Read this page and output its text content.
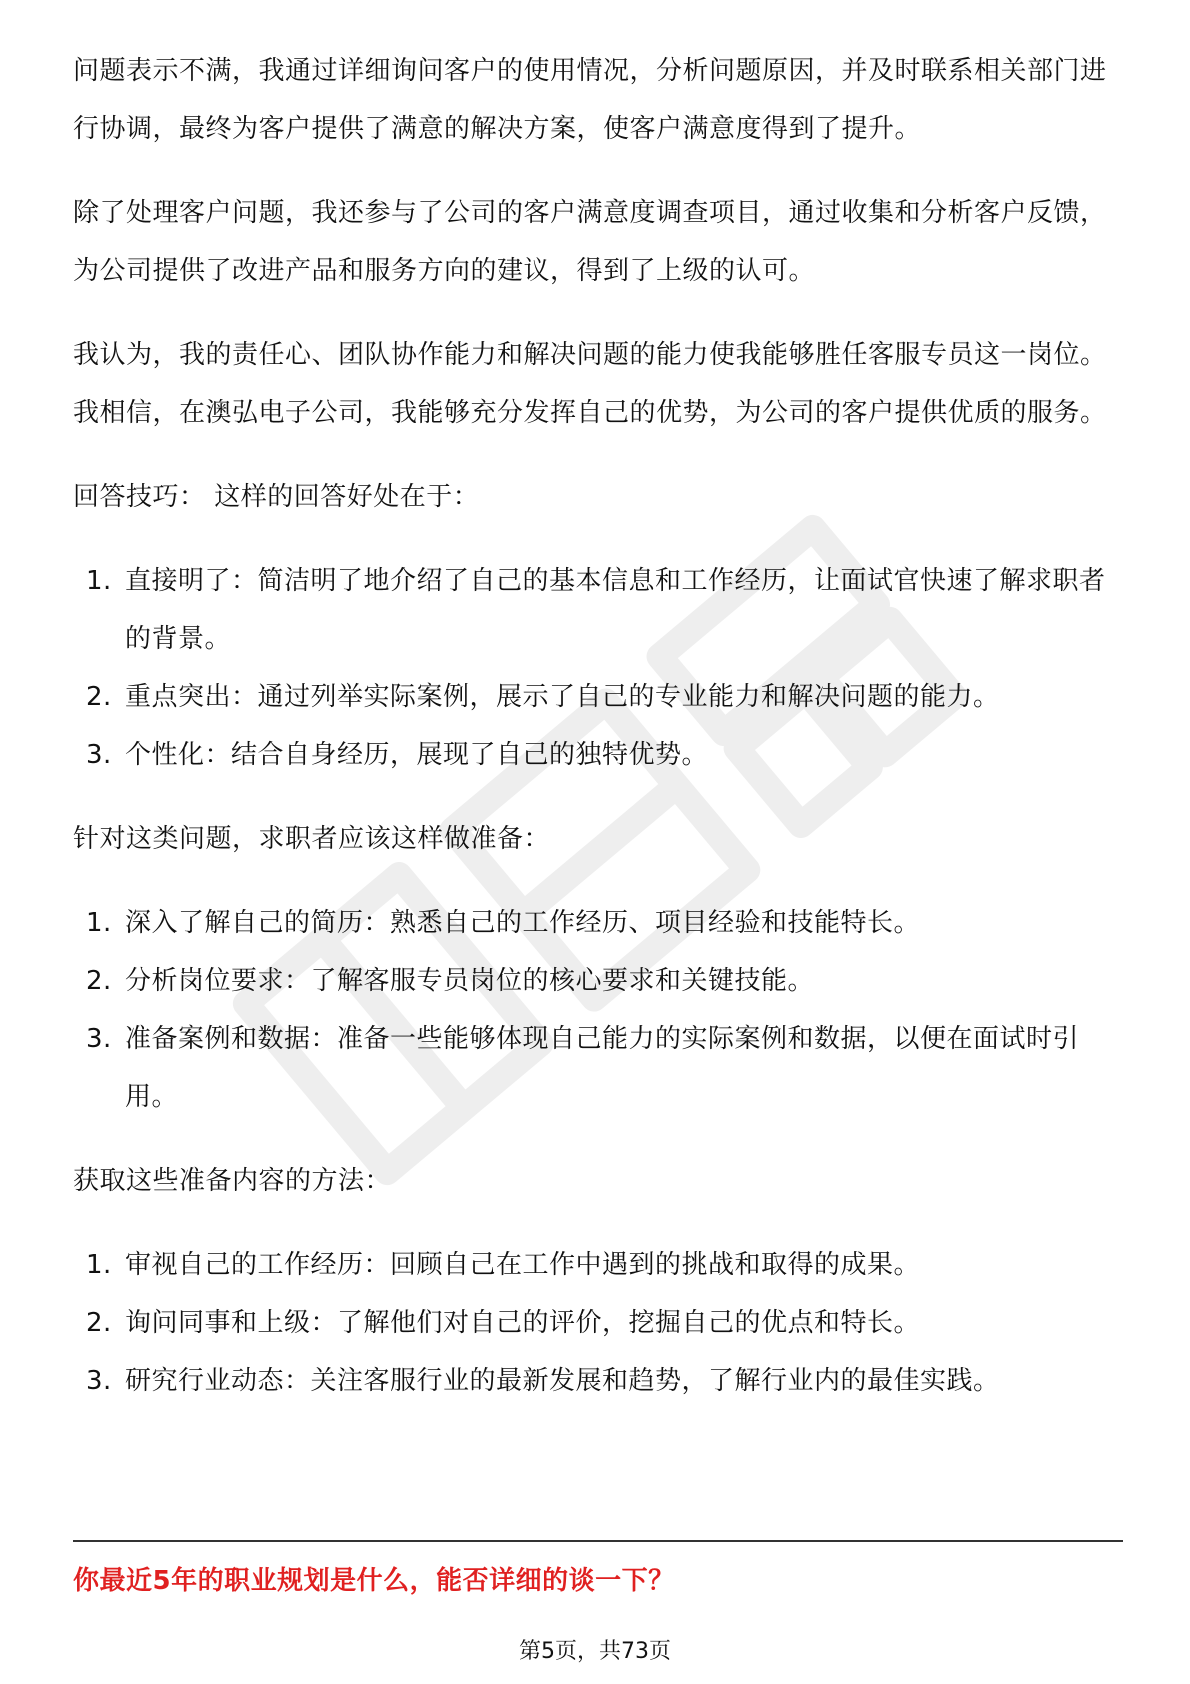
问题表示不满，我通过详细询问客户的使用情况，分析问题原因，并及时联系相关部门进行协调，最终为客户提供了满意的解决方案，使客户满意度得到了提升。

除了处理客户问题，我还参与了公司的客户满意度调查项目，通过收集和分析客户反馈，为公司提供了改进产品和服务方向的建议，得到了上级的认可。

我认为，我的责任心、团队协作能力和解决问题的能力使我能够胜任客服专员这一岗位。我相信，在澳弘电子公司，我能够充分发挥自己的优势，为公司的客户提供优质的服务。

回答技巧： 这样的回答好处在于：

1. 直接明了：简洁明了地介绍了自己的基本信息和工作经历，让面试官快速了解求职者的背景。
2. 重点突出：通过列举实际案例，展示了自己的专业能力和解决问题的能力。
3. 个性化：结合自身经历，展现了自己的独特优势。

针对这类问题，求职者应该这样做准备：

1. 深入了解自己的简历：熟悉自己的工作经历、项目经验和技能特长。
2. 分析岗位要求：了解客服专员岗位的核心要求和关键技能。
3. 准备案例和数据：准备一些能够体现自己能力的实际案例和数据，以便在面试时引用。

获取这些准备内容的方法：

1. 审视自己的工作经历：回顾自己在工作中遇到的挑战和取得的成果。
2. 询问同事和上级：了解他们对自己的评价，挖掘自己的优点和特长。
3. 研究行业动态：关注客服行业的最新发展和趋势，了解行业内的最佳实践。
你最近5年的职业规划是什么，能否详细的谈一下？
第5页，共73页
